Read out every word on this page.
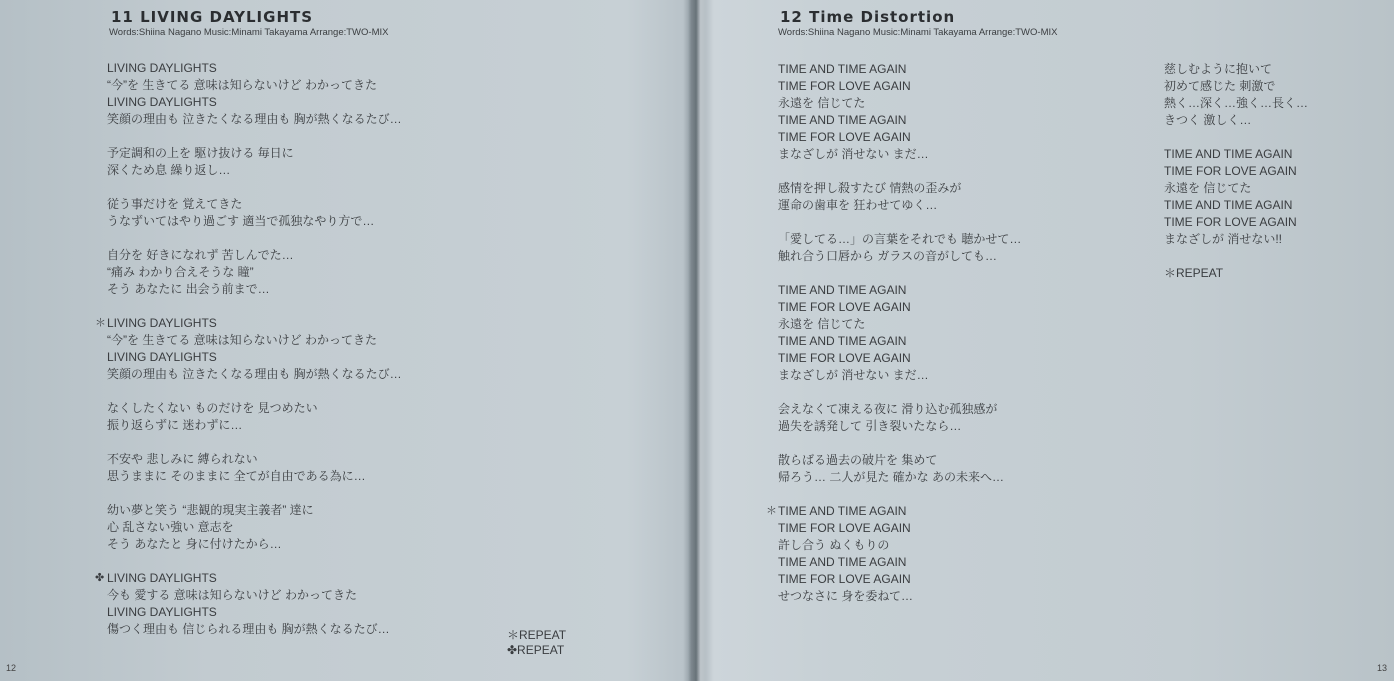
11 LIVING DAYLIGHTS
Words:Shiina Nagano Music:Minami Takayama Arrange:TWO-MIX
LIVING DAYLIGHTS
“今”を 生きてる 意味は知らないけど わかってきた
LIVING DAYLIGHTS
笑顔の理由も 泣きたくなる理由も 胸が熱くなるたび…
予定調和の上を 駆け抜ける 毎日に
深くため息 繰り返し…
従う事だけを 覚えてきた
うなずいてはやり過ごす 適当で孤独なやり方で…
自分を 好きになれず 苦しんでた…
“痛み わかり合えそうな 瞳”
そう あなたに 出会う前まで…
＊ LIVING DAYLIGHTS
“今”を 生きてる 意味は知らないけど わかってきた
LIVING DAYLIGHTS
笑顔の理由も 泣きたくなる理由も 胸が熱くなるたび…
なくしたくない ものだけを 見つめたい
振り返らずに 迷わずに…
不安や 悲しみに 縛られない
思うままに そのままに 全てが自由である為に…
幼い夢と笑う “悲観的現実主義者” 達に
心 乱さない強い 意志を
そう あなたと 身に付けたから…
✤ LIVING DAYLIGHTS
今も 愛する 意味は知らないけど わかってきた
LIVING DAYLIGHTS
傷つく理由も 信じられる理由も 胸が熱くなるたび…	＊REPEAT
✤REPEAT
12
12 Time Distortion
Words:Shiina Nagano Music:Minami Takayama Arrange:TWO-MIX
TIME AND TIME AGAIN
TIME FOR LOVE AGAIN
永遠を 信じてた
TIME AND TIME AGAIN
TIME FOR LOVE AGAIN
まなざしが 消せない まだ…
感情を押し殺すたび 情熱の歪みが
運命の歯車を 狂わせてゆく…
「愛してる…」の言葉をそれでも 聴かせて…
触れ合う口唇から ガラスの音がしても…
TIME AND TIME AGAIN
TIME FOR LOVE AGAIN
永遠を 信じてた
TIME AND TIME AGAIN
TIME FOR LOVE AGAIN
まなざしが 消せない まだ…
会えなくて凍える夜に 滑り込む孤独感が
過失を誘発して 引き裂いたなら…
散らばる過去の破片を 集めて
帰ろう… 二人が見た 確かな あの未来へ…
＊ TIME AND TIME AGAIN
TIME FOR LOVE AGAIN
許し合う ぬくもりの
TIME AND TIME AGAIN
TIME FOR LOVE AGAIN
せつなさに 身を委ねて…
慈しむように抱いて
初めて感じた 刺激で
熱く…深く…強く…長く…
きつく 激しく…
TIME AND TIME AGAIN
TIME FOR LOVE AGAIN
永遠を 信じてた
TIME AND TIME AGAIN
TIME FOR LOVE AGAIN
まなざしが 消せない!!
＊REPEAT
13
